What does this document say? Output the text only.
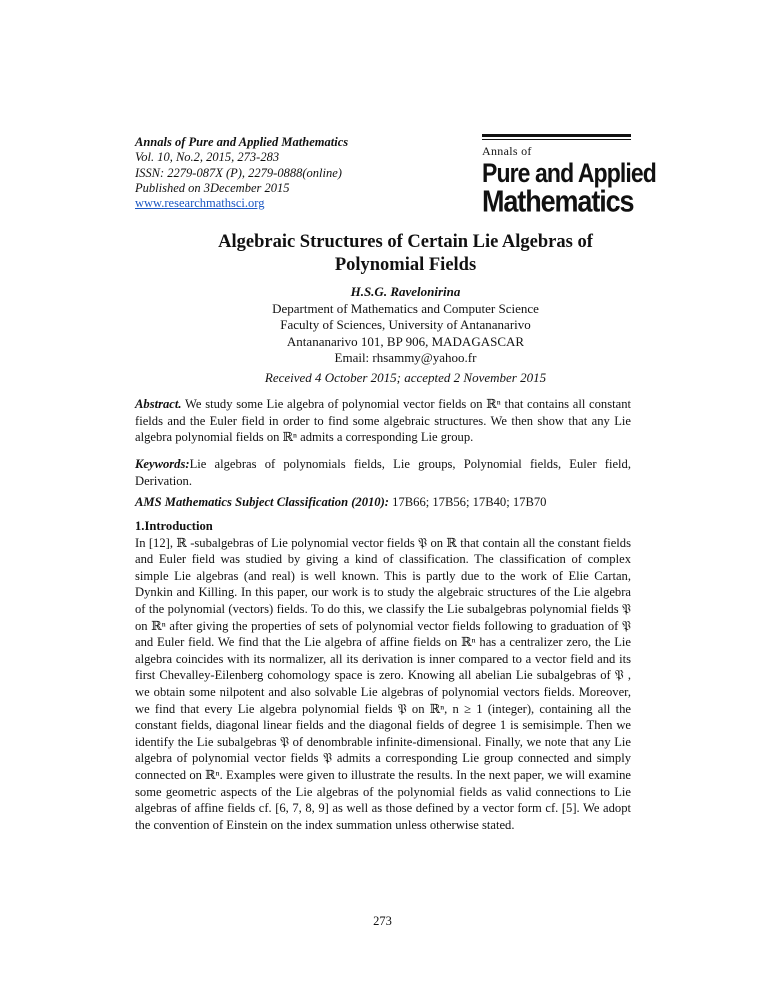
Annals of Pure and Applied Mathematics
Vol. 10, No.2, 2015, 273-283
ISSN: 2279-087X (P), 2279-0888(online)
Published on 3December 2015
www.researchmathsci.org
Annals of
Pure and Applied
Mathematics
Algebraic Structures of Certain Lie Algebras of
Polynomial Fields
H.S.G. Ravelonirina
Department of Mathematics and Computer Science
Faculty of Sciences, University of Antananarivo
Antananarivo 101, BP 906, MADAGASCAR
Email: rhsammy@yahoo.fr
Received 4 October 2015; accepted 2 November 2015

Abstract. We study some Lie algebra of polynomial vector fields on ℝⁿ that contains all constant fields and the Euler field in order to find some algebraic structures. We then show that any Lie algebra polynomial fields on ℝⁿ admits a corresponding Lie group.

Keywords:Lie algebras of polynomials fields, Lie groups, Polynomial fields, Euler field, Derivation.

AMS Mathematics Subject Classification (2010): 17B66; 17B56; 17B40; 17B70

1.Introduction

In [12], ℝ -subalgebras of Lie polynomial vector fields 𝔓 on ℝ that contain all the constant fields and Euler field was studied by giving a kind of classification. The classification of complex simple Lie algebras (and real) is well known. This is partly due to the work of Elie Cartan, Dynkin and Killing. In this paper, our work is to study the algebraic structures of the Lie algebra of the polynomial (vectors) fields. To do this, we classify the Lie subalgebras polynomial fields 𝔓 on ℝⁿ after giving the properties of sets of polynomial vector fields following to graduation of 𝔓 and Euler field. We find that the Lie algebra of affine fields on ℝⁿ has a centralizer zero, the Lie algebra coincides with its normalizer, all its derivation is inner compared to a vector field and its first Chevalley-Eilenberg cohomology space is zero. Knowing all abelian Lie subalgebras of 𝔓 , we obtain some nilpotent and also solvable Lie algebras of polynomial vectors fields. Moreover, we find that every Lie algebra polynomial fields 𝔓 on ℝⁿ, n ≥ 1 (integer), containing all the constant fields, diagonal linear fields and the diagonal fields of degree 1 is semisimple. Then we identify the Lie subalgebras 𝔓 of denombrable infinite-dimensional. Finally, we note that any Lie algebra of polynomial vector fields 𝔓 admits a corresponding Lie group connected and simply connected on ℝⁿ. Examples were given to illustrate the results. In the next paper, we will examine some geometric aspects of the Lie algebras of the polynomial fields as valid connections to Lie algebras of affine fields cf. [6, 7, 8, 9] as well as those defined by a vector form cf. [5]. We adopt the convention of Einstein on the index summation unless otherwise stated.

273
